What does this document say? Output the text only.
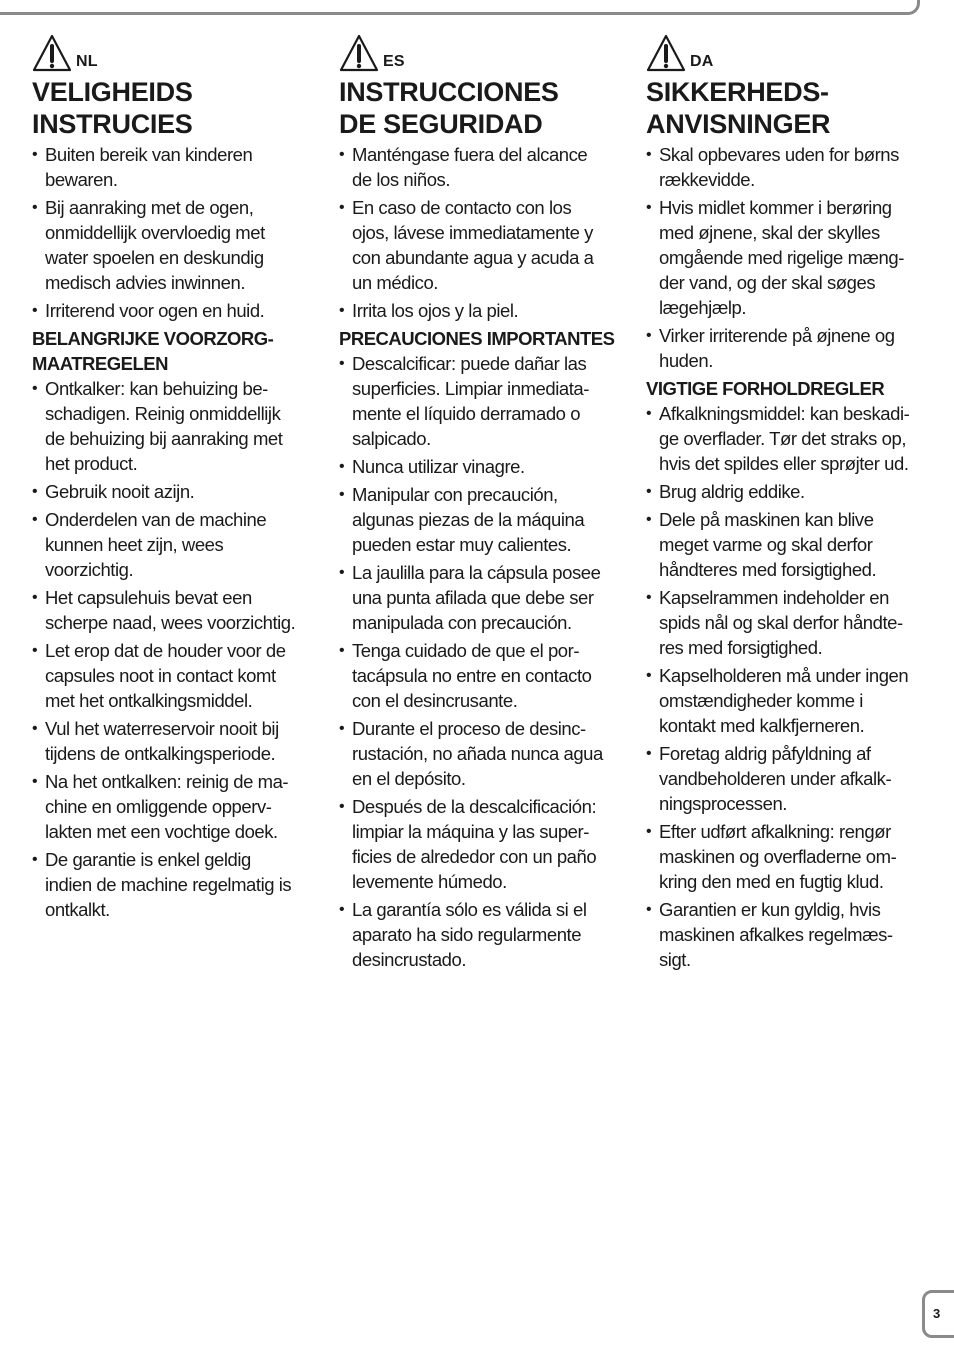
NL
VELIGHEIDS
INSTRUCIES
• Buiten bereik van kinderen
bewaren.
• Bij aanraking met de ogen,
onmiddellijk overvloedig met
water spoelen en deskundig
medisch advies inwinnen.
• Irriterend voor ogen en huid.
BELANGRIJKE VOORZORG-
MAATREGELEN
• Ontkalker: kan behuizing be-
schadigen. Reinig onmiddellijk
de behuizing bij aanraking met
het product.
• Gebruik nooit azijn.
• Onderdelen van de machine
kunnen heet zijn, wees
voorzichtig.
• Het capsulehuis bevat een
scherpe naad, wees voorzichtig.
• Let erop dat de houder voor de
capsules noot in contact komt
met het ontkalkingsmiddel.
• Vul het waterreservoir nooit bij
tijdens de ontkalkingsperiode.
• Na het ontkalken: reinig de ma-
chine en omliggende opperv-
lakten met een vochtige doek.
• De garantie is enkel geldig
indien de machine regelmatig is
ontkalkt.
ES
INSTRUCCIONES
DE SEGURIDAD
• Manténgase fuera del alcance
de los niños.
• En caso de contacto con los
ojos, lávese immediatamente y
con abundante agua y acuda a
un médico.
• Irrita los ojos y la piel.
PRECAUCIONES IMPORTANTES
• Descalcificar: puede dañar las
superficies. Limpiar inmediata-
mente el líquido derramado o
salpicado.
• Nunca utilizar vinagre.
• Manipular con precaución,
algunas piezas de la máquina
pueden estar muy calientes.
• La jaulilla para la cápsula posee
una punta afilada que debe ser
manipulada con precaución.
• Tenga cuidado de que el por-
tacápsula no entre en contacto
con el desincrusante.
• Durante el proceso de desinc-
rustación, no añada nunca agua
en el depósito.
• Después de la descalcificación:
limpiar la máquina y las super-
ficies de alrededor con un paño
levemente húmedo.
• La garantía sólo es válida si el
aparato ha sido regularmente
desincrustado.
DA
SIKKERHEDS-
ANVISNINGER
• Skal opbevares uden for børns
rækkevidde.
• Hvis midlet kommer i berøring
med øjnene, skal der skylles
omgående med rigelige mæng-
der vand, og der skal søges
lægehjælp.
• Virker irriterende på øjnene og
huden.
VIGTIGE FORHOLDREGLER
• Afkalkningsmiddel: kan beskadi-
ge overflader. Tør det straks op,
hvis det spildes eller sprøjter ud.
• Brug aldrig eddike.
• Dele på maskinen kan blive
meget varme og skal derfor
håndteres med forsigtighed.
• Kapselrammen indeholder en
spids nål og skal derfor håndte-
res med forsigtighed.
• Kapselholderen må under ingen
omstændigheder komme i
kontakt med kalkfjerneren.
• Foretag aldrig påfyldning af
vandbeholderen under afkalk-
ningsprocessen.
• Efter udført afkalkning: rengør
maskinen og overfladerne om-
kring den med en fugtig klud.
• Garantien er kun gyldig, hvis
maskinen afkalkes regelmæs-
sigt.
3
